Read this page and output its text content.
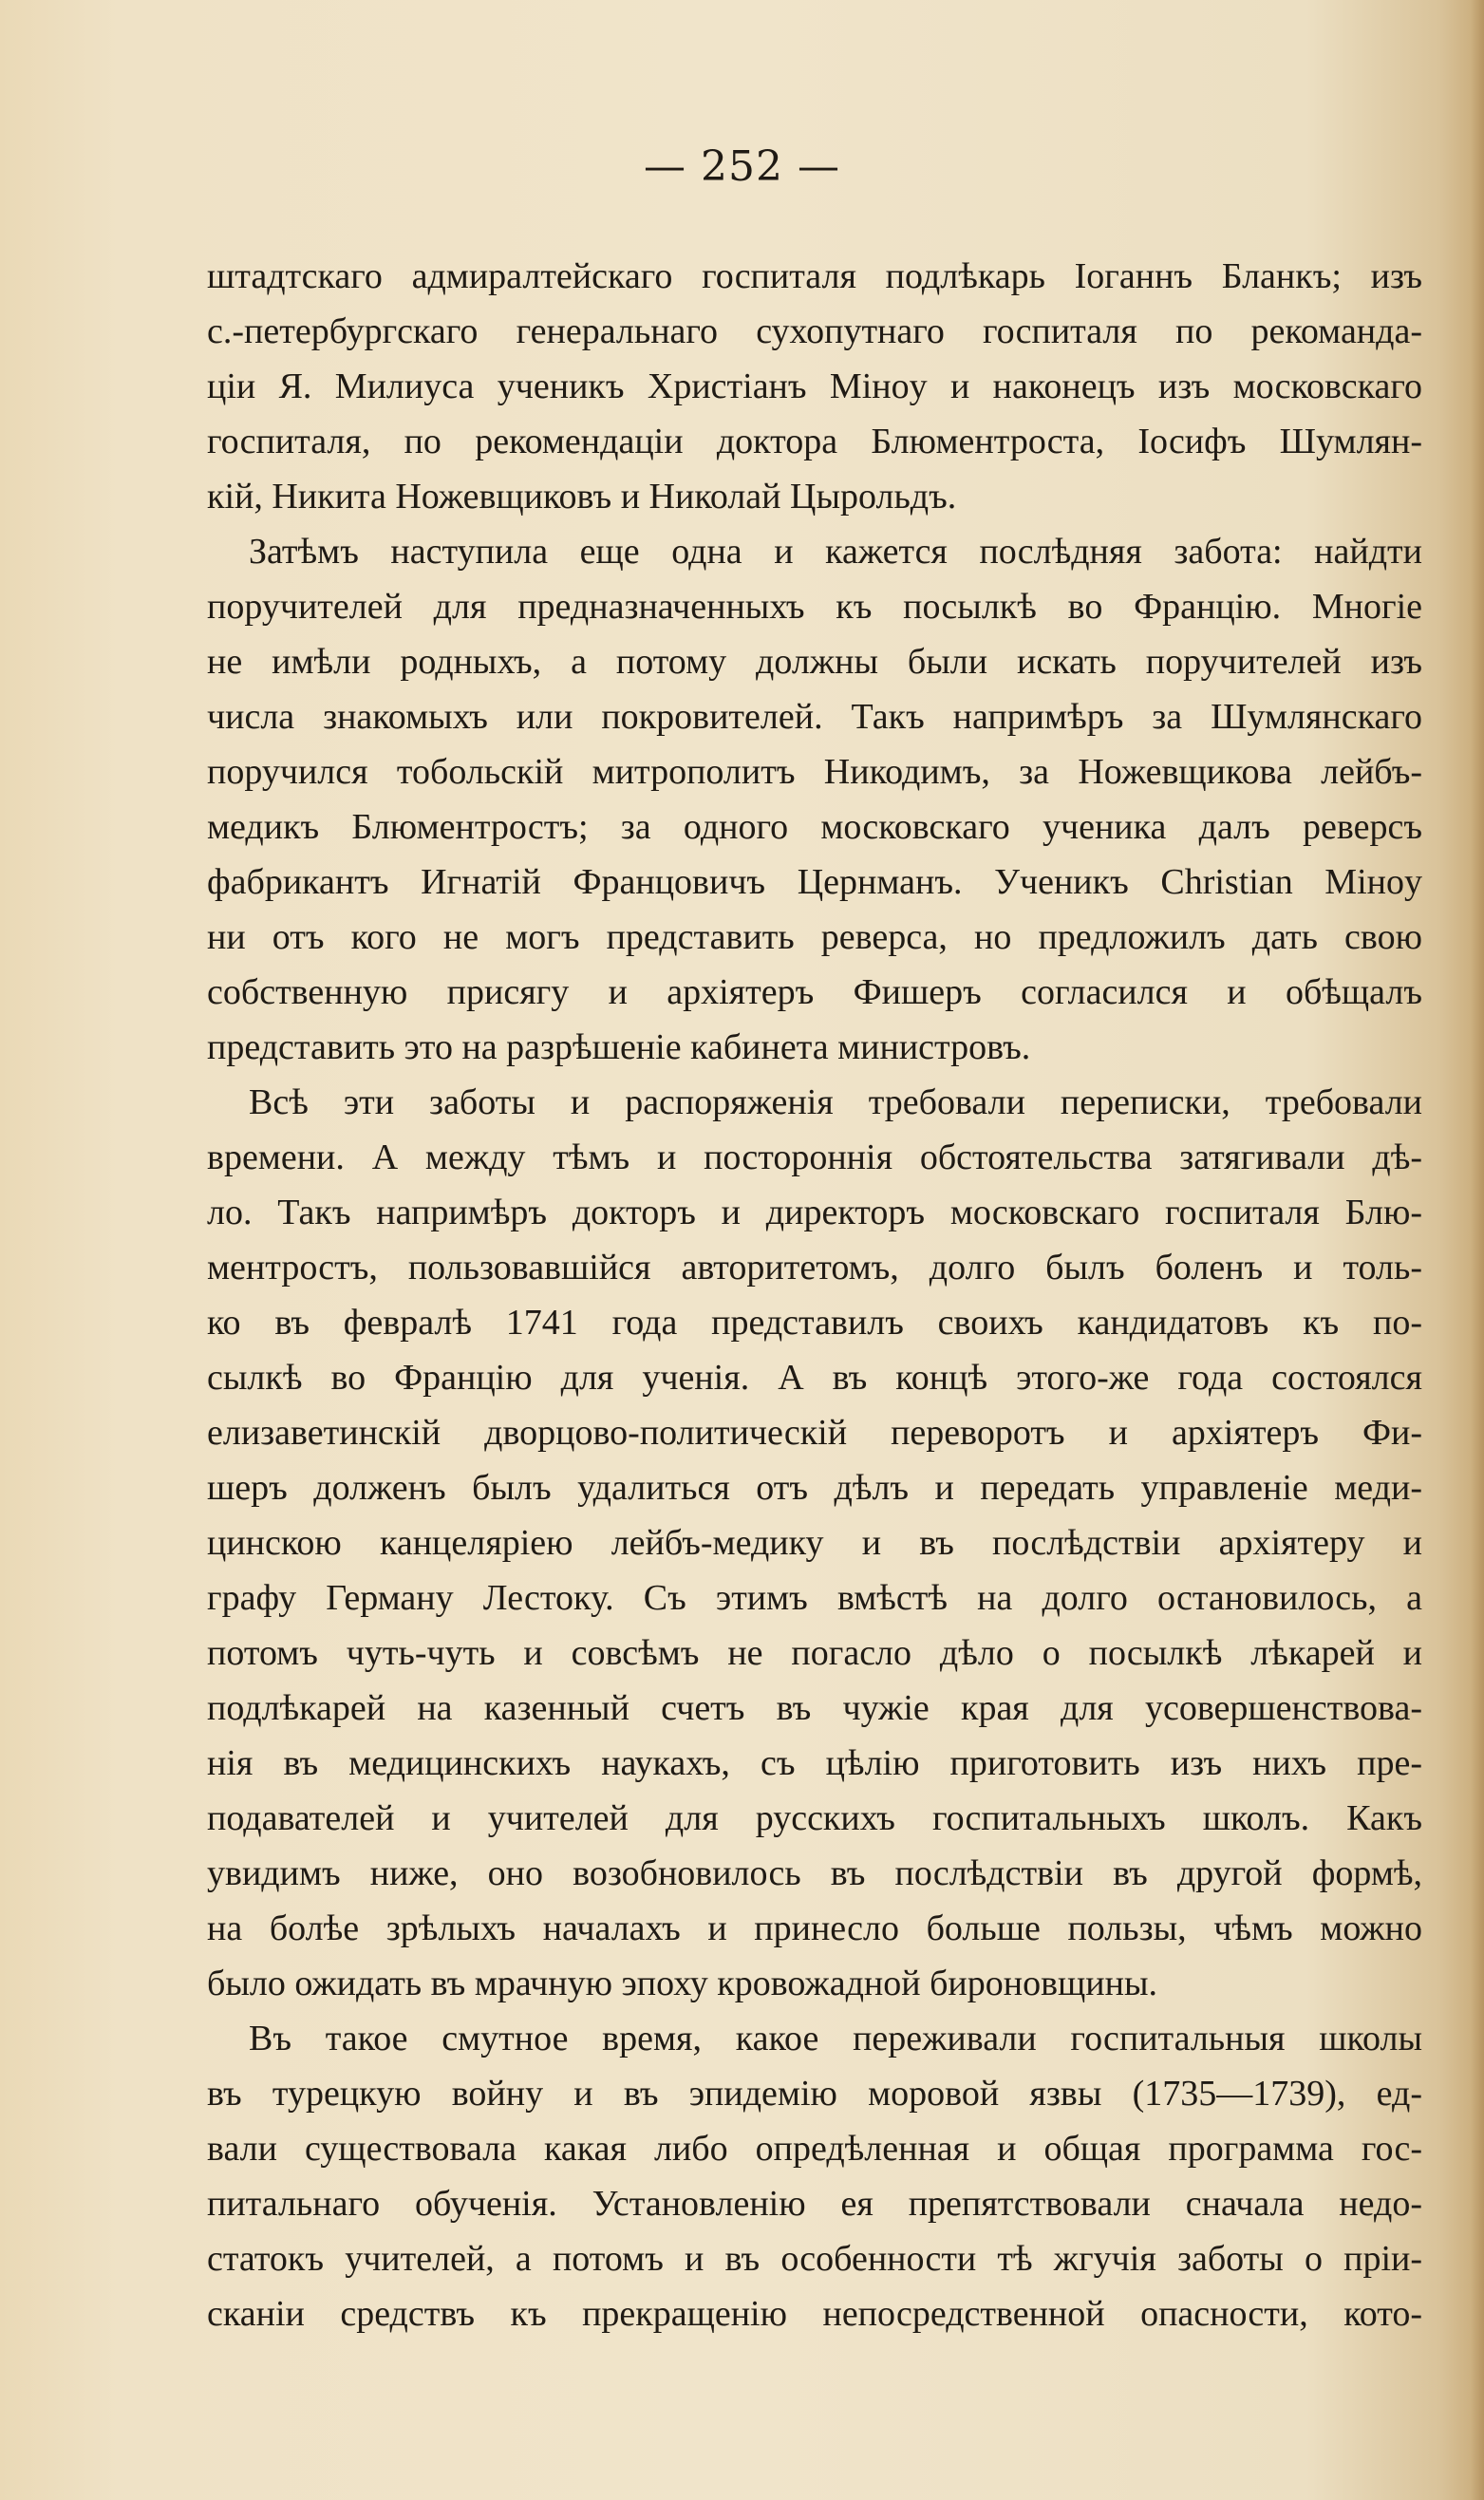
— 252 —
штадтскаго адмиралтейскаго госпиталя подлѣкарь Іоганнъ Бланкъ; изъ
с.-петербургскаго генеральнаго сухопутнаго госпиталя по рекоманда-
ціи Я. Милиуса ученикъ Христіанъ Мінoу и наконецъ изъ московскаго
госпиталя, по рекомендаціи доктора Блюментроста, Іосифъ Шумлян-
кій, Никита Ножевщиковъ и Николай Цырольдъ.
Затѣмъ наступила еще одна и кажется послѣдняя забота: найдти
поручителей для предназначенныхъ къ посылкѣ во Францію. Многіе
не имѣли родныхъ, а потому должны были искать поручителей изъ
числа знакомыхъ или покровителей. Такъ напримѣръ за Шумлянскаго
поручился тобольскій митрополитъ Никодимъ, за Ножевщикова лейбъ-
медикъ Блюментростъ; за одного московскаго ученика далъ реверсъ
фабрикантъ Игнатій Францовичъ Цернманъ. Ученикъ Christian Mінoу
ни отъ кого не могъ представить реверса, но предложилъ дать свою
собственную присягу и архіятеръ Фишеръ согласился и обѣщалъ
представить это на разрѣшеніе кабинета министровъ.
Всѣ эти заботы и распоряженія требовали переписки, требовали
времени. А между тѣмъ и постороннія обстоятельства затягивали дѣ-
ло. Такъ напримѣръ докторъ и директоръ московскаго госпиталя Блю-
ментростъ, пользовавшійся авторитетомъ, долго былъ боленъ и толь-
ко въ февралѣ 1741 года представилъ своихъ кандидатовъ къ по-
сылкѣ во Францію для ученія. А въ концѣ этого-же года состоялся
елизаветинскій дворцово-политическій переворотъ и архіятеръ Фи-
шеръ долженъ былъ удалиться отъ дѣлъ и передать управленіе меди-
цинскою канцеляріею лейбъ-медику и въ послѣдствіи архіятеру и
графу Герману Лестоку. Съ этимъ вмѣстѣ на долго остановилось, а
потомъ чуть-чуть и совсѣмъ не погасло дѣло о посылкѣ лѣкарей и
подлѣкарей на казенный счетъ въ чужіе края для усовершенствова-
нія въ медицинскихъ наукахъ, съ цѣлію приготовить изъ нихъ пре-
подавателей и учителей для русскихъ госпитальныхъ школъ. Какъ
увидимъ ниже, оно возобновилось въ послѣдствіи въ другой формѣ,
на болѣе зрѣлыхъ началахъ и принесло больше пользы, чѣмъ можно
было ожидать въ мрачную эпоху кровожадной бироновщины.
Въ такое смутное время, какое переживали госпитальныя школы
въ турецкую войну и въ эпидемію моровой язвы (1735—1739), ед-
вали существовала какая либо опредѣленная и общая программа гос-
питальнаго обученія. Установленію ея препятствовали сначала недо-
статокъ учителей, а потомъ и въ особенности тѣ жгучія заботы о пріи-
сканіи средствъ къ прекращенію непосредственной опасности, кото-
